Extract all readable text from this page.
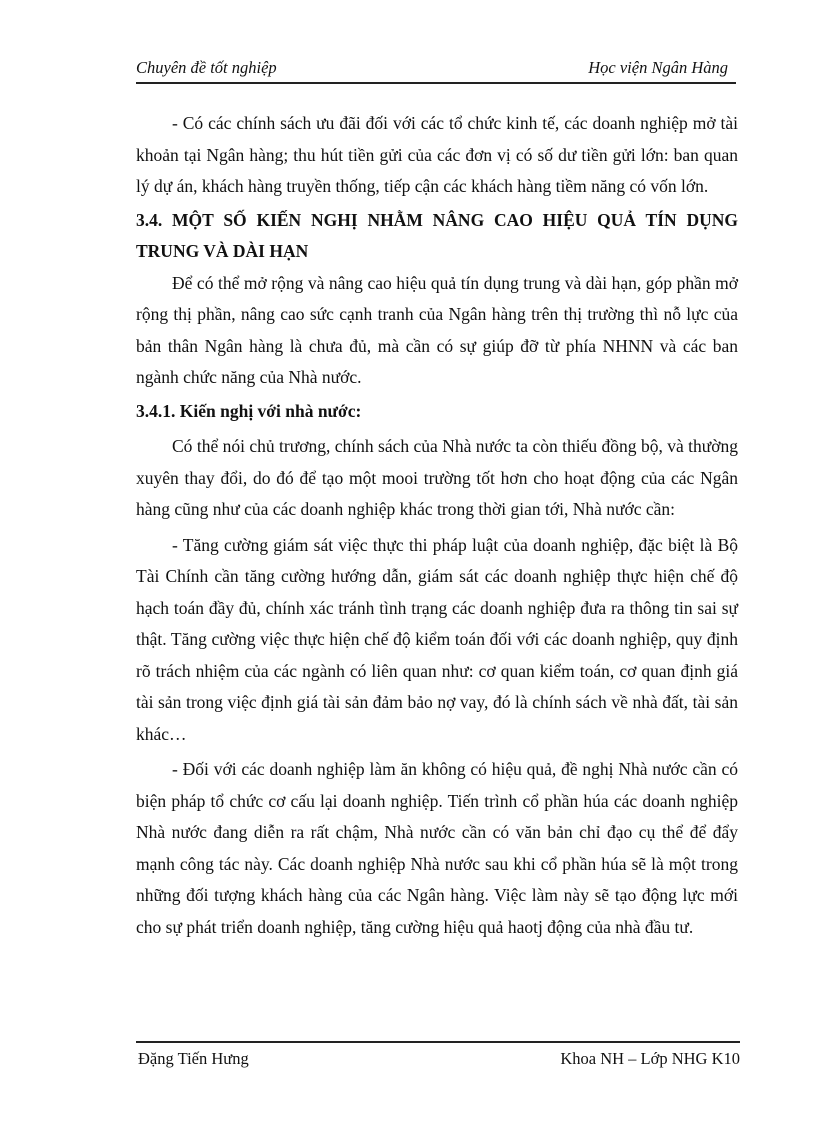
Chuyên đề tốt nghiệp	Học viện Ngân Hàng

- Có các chính sách ưu đãi đối với các tổ chức kinh tế, các doanh nghiệp mở tài khoản tại Ngân hàng; thu hút tiền gửi của các đơn vị có số dư tiền gửi lớn: ban quan lý dự án, khách hàng truyền thống, tiếp cận các khách hàng tiềm năng có vốn lớn.

3.4. MỘT SỐ KIẾN NGHỊ NHẰM NÂNG CAO HIỆU QUẢ TÍN DỤNG TRUNG VÀ DÀI HẠN

Để có thể mở rộng và nâng cao hiệu quả tín dụng trung và dài hạn, góp phần mở rộng thị phần, nâng cao sức cạnh tranh của Ngân hàng trên thị trường thì nỗ lực của bản thân Ngân hàng là chưa đủ, mà cần có sự giúp đỡ từ phía NHNN và các ban ngành chức năng của Nhà nước.

3.4.1. Kiến nghị với nhà nước:

Có thể nói chủ trương, chính sách của Nhà nước ta còn thiếu đồng bộ, và thường xuyên thay đổi, do đó để tạo một mooi trường tốt hơn cho hoạt động của các Ngân hàng cũng như của các doanh nghiệp khác trong thời gian tới, Nhà nước cần:

- Tăng cường giám sát việc thực thi pháp luật của doanh nghiệp, đặc biệt là Bộ Tài Chính cần tăng cường hướng dẫn, giám sát các doanh nghiệp thực hiện chế độ hạch toán đầy đủ, chính xác tránh tình trạng các doanh nghiệp đưa ra thông tin sai sự thật. Tăng cường việc thực hiện chế độ kiểm toán đối với các doanh nghiệp, quy định rõ trách nhiệm của các ngành có liên quan như: cơ quan kiểm toán, cơ quan định giá tài sản trong việc định giá tài sản đảm bảo nợ vay, đó là chính sách về nhà đất, tài sản khác…

- Đối với các doanh nghiệp làm ăn không có hiệu quả, đề nghị Nhà nước cần có biện pháp tổ chức cơ cấu lại doanh nghiệp. Tiến trình cổ phần húa các doanh nghiệp Nhà nước đang diễn ra rất chậm, Nhà nước cần có văn bản chỉ đạo cụ thể để đẩy mạnh công tác này. Các doanh nghiệp Nhà nước sau khi cổ phần húa sẽ là một trong những đối tượng khách hàng của các Ngân hàng. Việc làm này sẽ tạo động lực mới cho sự phát triển doanh nghiệp, tăng cường hiệu quả haotj động của nhà đầu tư.

Đặng Tiến Hưng	Khoa NH – Lớp NHG K10
